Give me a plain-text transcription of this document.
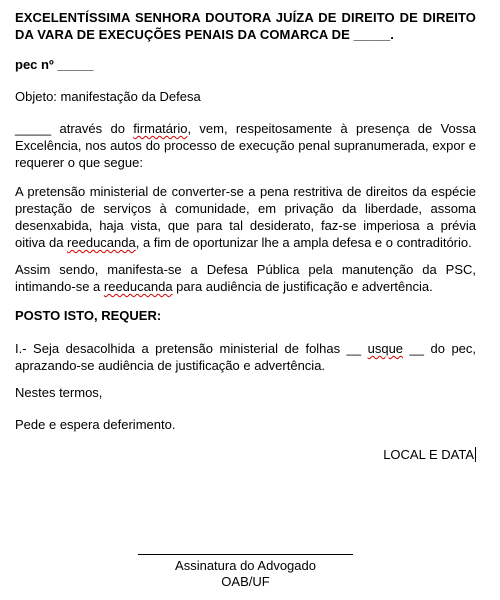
EXCELENTÍSSIMA SENHORA DOUTORA JUÍZA DE DIREITO DE DIREITO DA VARA DE EXECUÇÕES PENAIS DA COMARCA DE _____.

pec nº _____

Objeto: manifestação da Defesa

_____ através do firmatário, vem, respeitosamente à presença de Vossa Excelência, nos autos do processo de execução penal supranumerada, expor e requerer o que segue:

A pretensão ministerial de converter-se a pena restritiva de direitos da espécie prestação de serviços à comunidade, em privação da liberdade, assoma desenxabida, haja vista, que para tal desiderato, faz-se imperiosa a prévia oitiva da reeducanda, a fim de oportunizar lhe a ampla defesa e o contraditório.

Assim sendo, manifesta-se a Defesa Pública pela manutenção da PSC, intimando-se a reeducanda para audiência de justificação e advertência.

POSTO ISTO, REQUER:

I.- Seja desacolhida a pretensão ministerial de folhas __ usque __ do pec, aprazando-se audiência de justificação e advertência.

Nestes termos,

Pede e espera deferimento.

LOCAL E DATA

Assinatura do Advogado
OAB/UF
